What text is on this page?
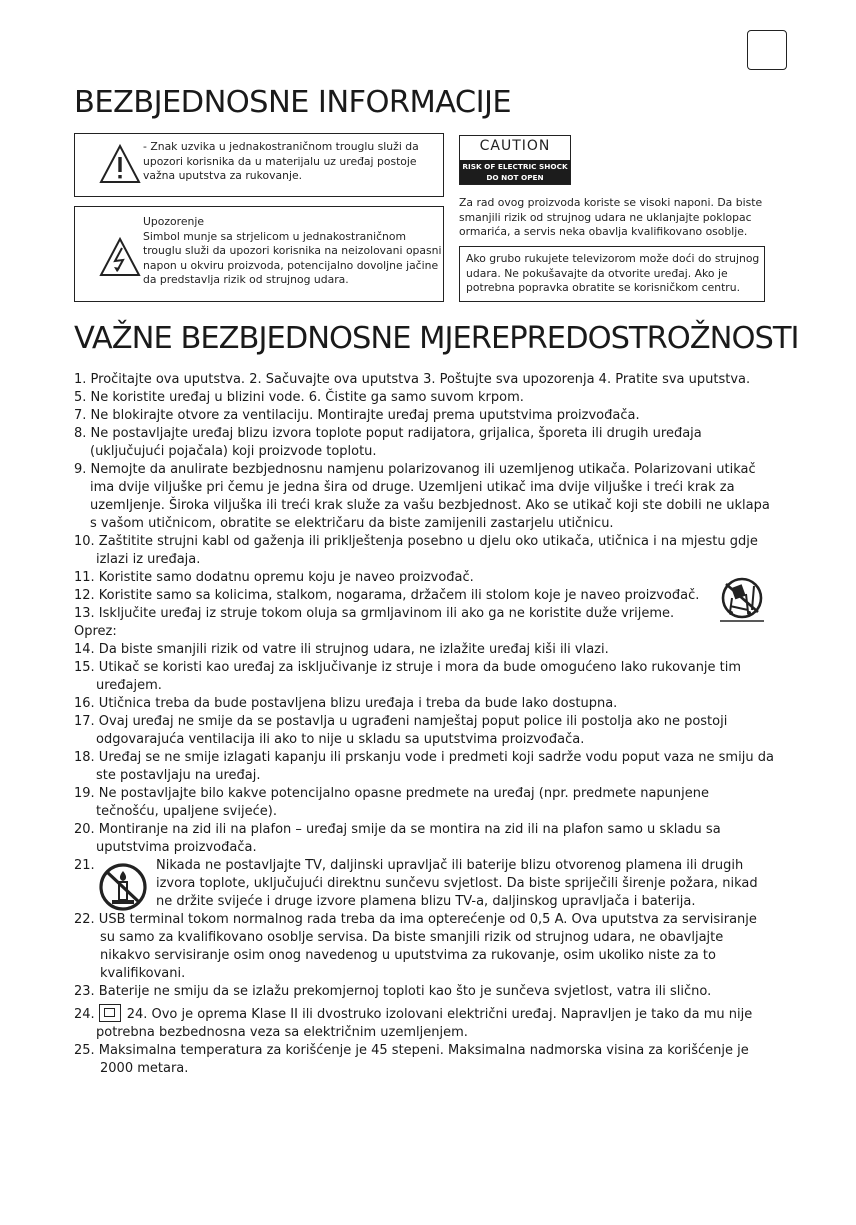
BEZBJEDNOSNE INFORMACIJE
- Znak uzvika u jednakostraničnom trouglu služi da upozori korisnika da u materijalu uz uređaj postoje važna uputstva za rukovanje.
Upozorenje
Simbol munje sa strjelicom u jednakostraničnom trouglu služi da upozori korisnika na neizolovani opasni napon u okviru proizvoda, potencijalno dovoljne jačine da predstavlja rizik od strujnog udara.
CAUTION
RISK OF ELECTRIC SHOCK
DO NOT OPEN
Za rad ovog proizvoda koriste se visoki naponi. Da biste smanjili rizik od strujnog udara ne uklanjajte poklopac ormarića, a servis neka obavlja kvalifikovano osoblje.
Ako grubo rukujete televizorom može doći do strujnog udara. Ne pokušavajte da otvorite uređaj. Ako je potrebna popravka obratite se korisničkom centru.
VAŽNE BEZBJEDNOSNE MJEREPREDOSTROŽNOSTI
1. Pročitajte ova uputstva. 2. Sačuvajte ova uputstva 3. Poštujte sva upozorenja 4. Pratite sva uputstva.
5. Ne koristite uređaj u blizini vode. 6. Čistite ga samo suvom krpom.
7. Ne blokirajte otvore za ventilaciju. Montirajte uređaj prema uputstvima proizvođača.
8. Ne postavljajte uređaj blizu izvora toplote poput radijatora, grijalica, šporeta ili drugih uređaja (uključujući pojačala) koji proizvode toplotu.
9. Nemojte da anulirate bezbjednosnu namjenu polarizovanog ili uzemljenog utikača. Polarizovani utikač ima dvije viljuške pri čemu je jedna šira od druge. Uzemljeni utikač ima dvije viljuške i treći krak za uzemljenje. Široka viljuška ili treći krak služe za vašu bezbjednost. Ako se utikač koji ste dobili ne uklapa s vašom utičnicom, obratite se električaru da biste zamijenili zastarjelu utičnicu.
10. Zaštitite strujni kabl od gaženja ili priklještenja posebno u djelu oko utikača, utičnica i na mjestu gdje izlazi iz uređaja.
11. Koristite samo dodatnu opremu koju je naveo proizvođač.
12. Koristite samo sa kolicima, stalkom, nogarama, držačem ili stolom koje je naveo proizvođač.
13. Isključite uređaj iz struje tokom oluja sa grmljavinom ili ako ga ne koristite duže vrijeme.
Oprez:
14. Da biste smanjili rizik od vatre ili strujnog udara, ne izlažite uređaj kiši ili vlazi.
15. Utikač se koristi kao uređaj za isključivanje iz struje i mora da bude omogućeno lako rukovanje tim uređajem.
16. Utičnica treba da bude postavljena blizu uređaja i treba da bude lako dostupna.
17. Ovaj uređaj ne smije da se postavlja u ugrađeni namještaj poput police ili postolja ako ne postoji odgovarajuća ventilacija ili ako to nije u skladu sa uputstvima proizvođača.
18. Uređaj se ne smije izlagati kapanju ili prskanju vode i predmeti koji sadrže vodu poput vaza ne smiju da ste postavljaju na uređaj.
19. Ne postavljajte bilo kakve potencijalno opasne predmete na uređaj (npr. predmete napunjene tečnošću, upaljene svijeće).
20. Montiranje na zid ili na plafon – uređaj smije da se montira na zid ili na plafon samo u skladu sa uputstvima proizvođača.
21.	Nikada ne postavljajte TV, daljinski upravljač ili baterije blizu otvorenog plamena ili drugih izvora toplote, uključujući direktnu sunčevu svjetlost. Da biste spriječili širenje požara, nikad ne držite svijeće i druge izvore plamena blizu TV-a, daljinskog upravljača i baterija.
22. USB terminal tokom normalnog rada treba da ima opterećenje od 0,5 A. Ova uputstva za servisiranje su samo za kvalifikovano osoblje servisa. Da biste smanjili rizik od strujnog udara, ne obavljajte nikakvo servisiranje osim onog navedenog u uputstvima za rukovanje, osim ukoliko niste za to kvalifikovani.
23. Baterije ne smiju da se izlažu prekomjernoj toploti kao što je sunčeva svjetlost, vatra ili slično.
24. 24. Ovo je oprema Klase II ili dvostruko izolovani električni uređaj. Napravljen je tako da mu nije potrebna bezbednosna veza sa električnim uzemljenjem.
25. Maksimalna temperatura za korišćenje je 45 stepeni. Maksimalna nadmorska visina za korišćenje je 2000 metara.
